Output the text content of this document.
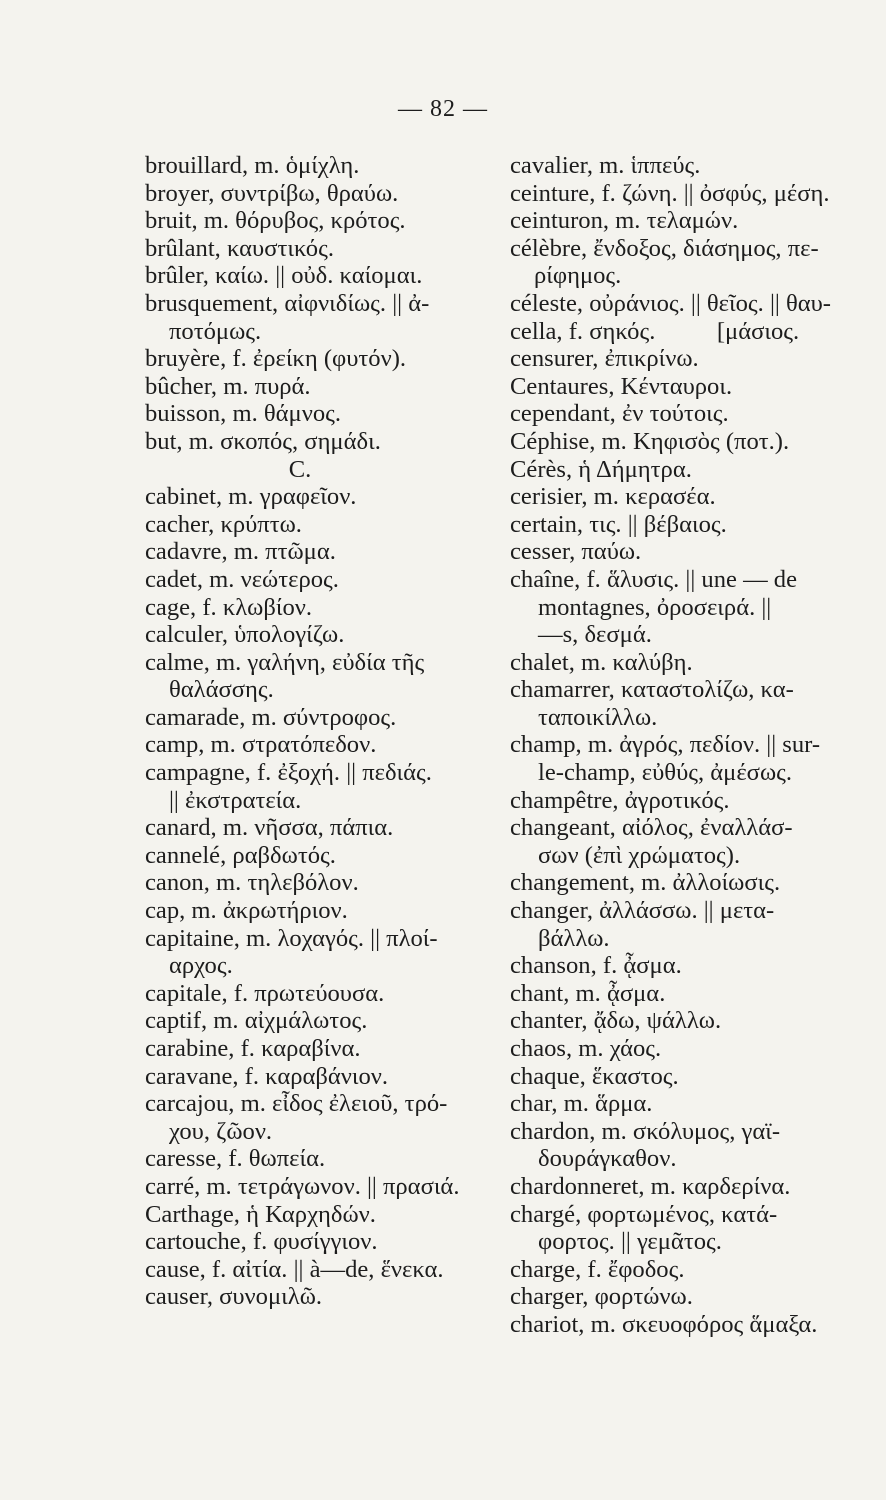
— 82 —
brouillard, m. ὁμίχλη.
broyer, συντρίβω, θραύω.
bruit, m. θόρυβος, κρότος.
brûlant, καυστικός.
brûler, καίω. || οὐδ. καίομαι.
brusquement, αἰφνιδίως. || ἀ-
ποτόμως.
bruyère, f. ἐρείκη (φυτόν).
bûcher, m. πυρά.
buisson, m. θάμνος.
but, m. σκοπός, σημάδι.
C.
cabinet, m. γραφεῖον.
cacher, κρύπτω.
cadavre, m. πτῶμα.
cadet, m. νεώτερος.
cage, f. κλωβίον.
calculer, ὑπολογίζω.
calme, m. γαλήνη, εὐδία τῆς
θαλάσσης.
camarade, m. σύντροφος.
camp, m. στρατόπεδον.
campagne, f. ἐξοχή. || πεδιάς.
|| ἐκστρατεία.
canard, m. νῆσσα, πάπια.
cannelé, ραβδωτός.
canon, m. τηλεβόλον.
cap, m. ἀκρωτήριον.
capitaine, m. λοχαγός. || πλοί-
αρχος.
capitale, f. πρωτεύουσα.
captif, m. αἰχμάλωτος.
carabine, f. καραβίνα.
caravane, f. καραβάνιον.
carcajou, m. εἶδος ἐλειοῦ, τρό-
χου, ζῶον.
caresse, f. θωπεία.
carré, m. τετράγωνον. || πρασιά.
Carthage, ἡ Καρχηδών.
cartouche, f. φυσίγγιον.
cause, f. αἰτία. || à—de, ἕνεκα.
causer, συνομιλῶ.
cavalier, m. ἱππεύς.
ceinture, f. ζώνη. || ὀσφύς, μέση.
ceinturon, m. τελαμών.
célèbre, ἔνδοξος, διάσημος, πε-
ρίφημος.
céleste, οὐράνιος. || θεῖος. || θαυ-
cella, f. σηκός.          [μάσιος.
censurer, ἐπικρίνω.
Centaures, Κένταυροι.
cependant, ἐν τούτοις.
Céphise, m. Κηφισὸς (ποτ.).
Cérès, ἡ Δήμητρα.
cerisier, m. κερασέα.
certain, τις. || βέβαιος.
cesser, παύω.
chaîne, f. ἅλυσις. || une — de
montagnes, ὀροσειρά. ||
—s, δεσμά.
chalet, m. καλύβη.
chamarrer, καταστολίζω, κα-
ταποικίλλω.
champ, m. ἀγρός, πεδίον. || sur-
le-champ, εὐθύς, ἀμέσως.
champêtre, ἀγροτικός.
changeant, αἰόλος, ἐναλλάσ-
σων (ἐπὶ χρώματος).
changement, m. ἀλλοίωσις.
changer, ἀλλάσσω. || μετα-
βάλλω.
chanson, f. ᾆσμα.
chant, m. ᾆσμα.
chanter, ᾄδω, ψάλλω.
chaos, m. χάος.
chaque, ἕκαστος.
char, m. ἅρμα.
chardon, m. σκόλυμος, γαϊ-
δουράγκαθον.
chardonneret, m. καρδερίνα.
chargé, φορτωμένος, κατά-
φορτος. || γεμᾶτος.
charge, f. ἔφοδος.
charger, φορτώνω.
chariot, m. σκευοφόρος ἅμαξα.
